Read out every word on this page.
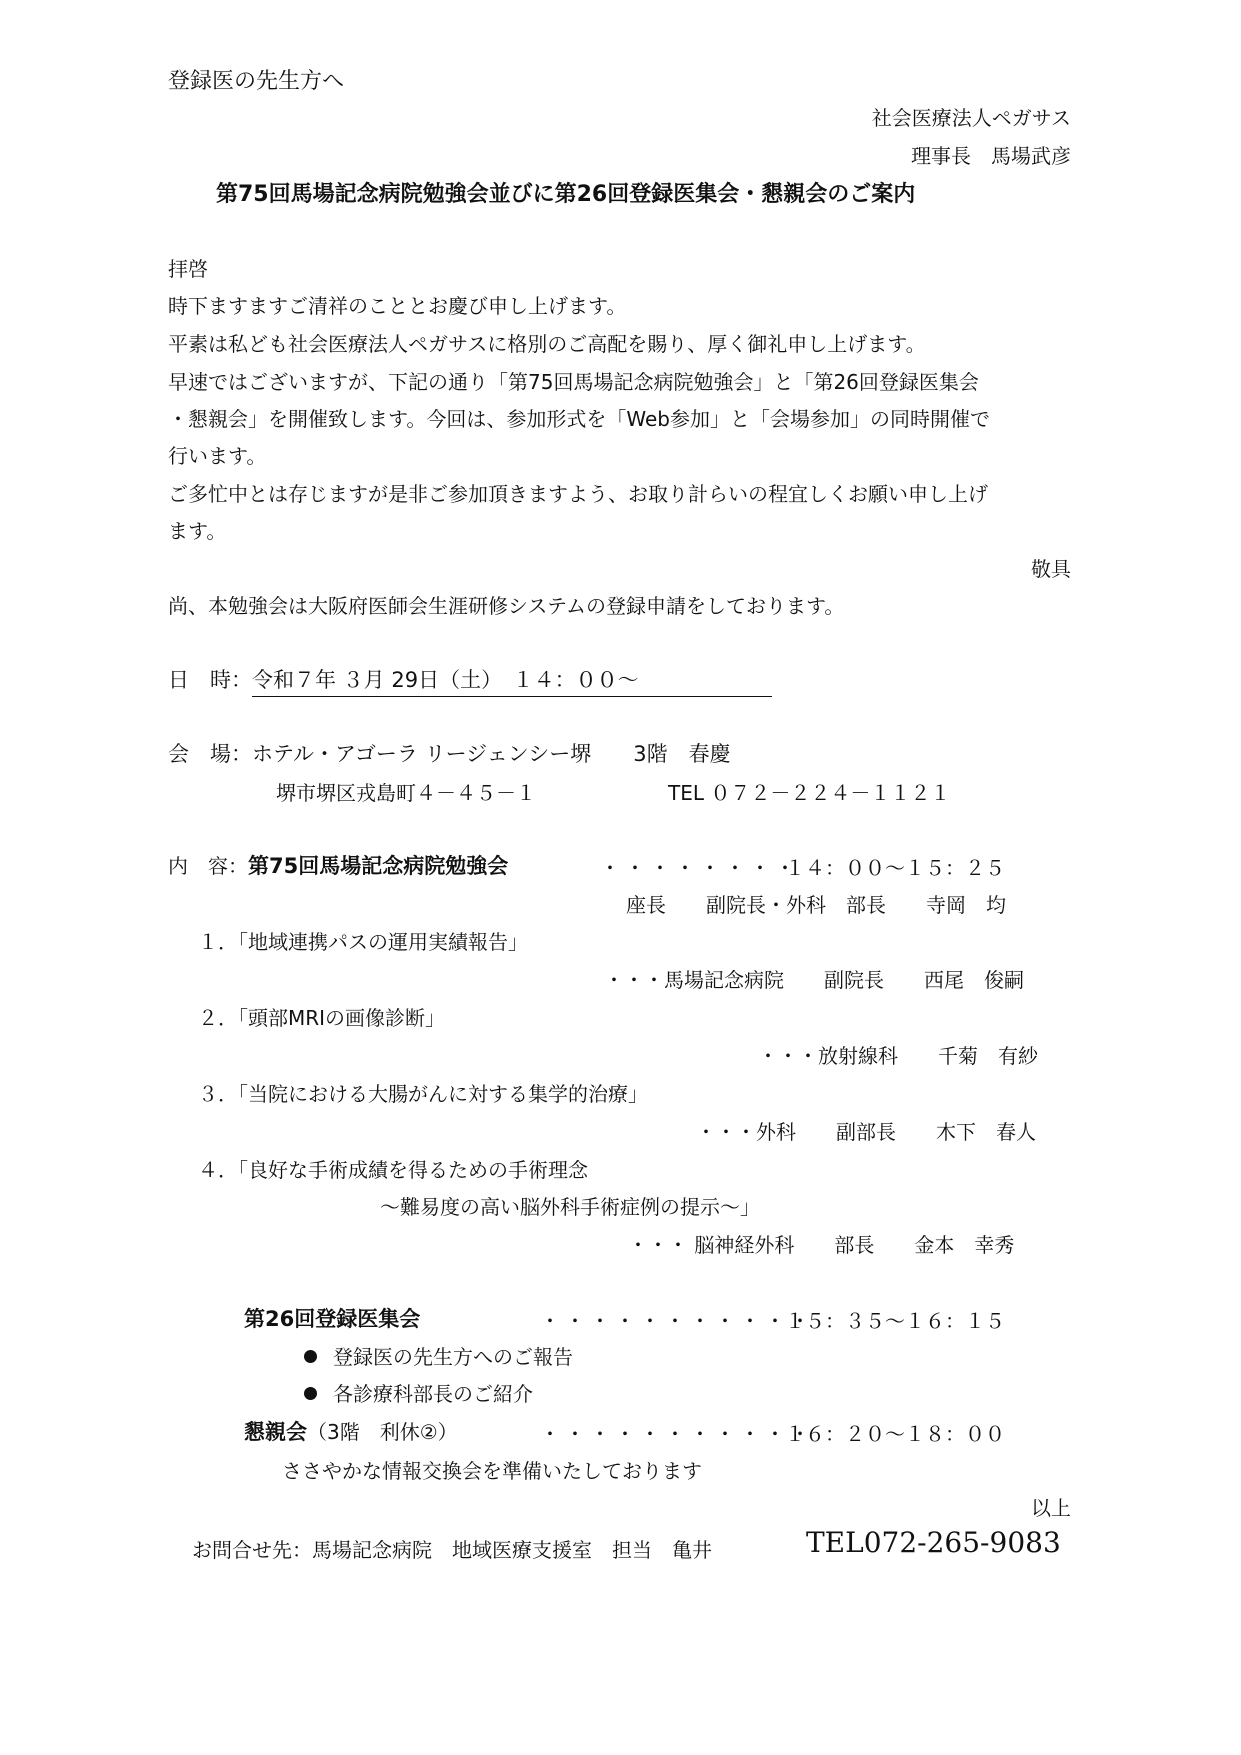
登録医の先生方へ
社会医療法人ペガサス
理事長　馬場武彦
第75回馬場記念病院勉強会並びに第26回登録医集会・懇親会のご案内
拝啓
時下ますますご清祥のこととお慶び申し上げます。
平素は私ども社会医療法人ペガサスに格別のご高配を賜り、厚く御礼申し上げます。
早速ではございますが、下記の通り「第75回馬場記念病院勉強会」と「第26回登録医集会
・懇親会」を開催致します。今回は、参加形式を「Web参加」と「会場参加」の同時開催で
行います。
ご多忙中とは存じますが是非ご参加頂きますよう、お取り計らいの程宜しくお願い申し上げ
ます。
敬具
尚、本勉強会は大阪府医師会生涯研修システムの登録申請をしております。
日　時：令和７年 ３月 29日（土）　１４：００～
会　場：ホテル・アゴーラ リージェンシー堺　　3階　春慶
堺市堺区戎島町４－４５－１	TEL ０７２－２２４－１１２１
内　容：第75回馬場記念病院勉強会	・・・・・・・・
１４：００～１５：２５
座長　　副院長・外科　部長　　寺岡　均
１．「地域連携パスの運用実績報告」
・・・馬場記念病院　　副院長　　西尾　俊嗣
２．「頭部MRIの画像診断」
・・・放射線科　　千菊　有紗
３．「当院における大腸がんに対する集学的治療」
・・・外科　　副部長　　木下　春人
４．「良好な手術成績を得るための手術理念
～難易度の高い脳外科手術症例の提示～」
・・・ 脳神経外科　　部長　　金本　幸秀
第26回登録医集会	・・・・・・・・・・・
１５：３５～１６：１５
登録医の先生方へのご報告
各診療科部長のご紹介
懇親会（3階　利休②）	・・・・・・・・・・・
１６：２０～１８：００
ささやかな情報交換会を準備いたしております
以上
お問合せ先：馬場記念病院　地域医療支援室　担当　亀井	TEL072-265-9083
